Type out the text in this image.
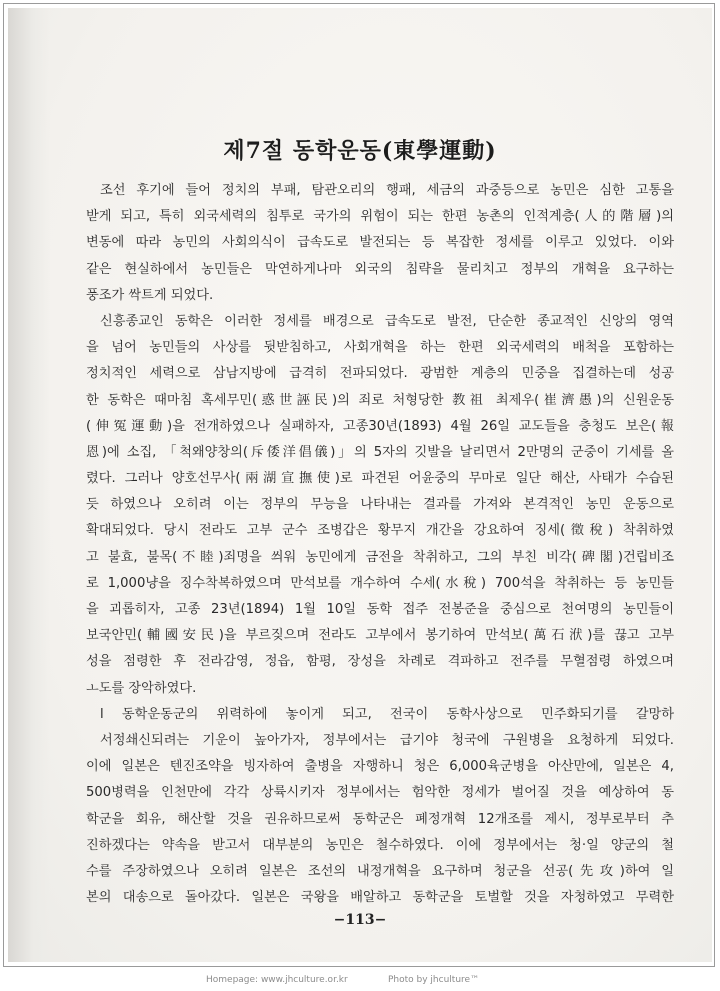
제7절 동학운동(東學運動)
조선 후기에 들어 정치의 부패, 탐관오리의 행패, 세금의 과중등으로 농민은 심한 고통을
받게 되고, 특히 외국세력의 침투로 국가의 위험이 되는 한편 농촌의 인적계층(人的階層)의
변동에 따라 농민의 사회의식이 급속도로 발전되는 등 복잡한 정세를 이루고 있었다. 이와
같은 현실하에서 농민들은 막연하게나마 외국의 침략을 물리치고 정부의 개혁을 요구하는
풍조가 싹트게 되었다.
신흥종교인 동학은 이러한 정세를 배경으로 급속도로 발전, 단순한 종교적인 신앙의 영역
을 넘어 농민들의 사상를 뒷받침하고, 사회개혁을 하는 한편 외국세력의 배척을 포함하는
정치적인 세력으로 삼남지방에 급격히 전파되었다. 광범한 계층의 민중을 집결하는데 성공
한 동학은 때마침 혹세무민(惑世誣民)의 죄로 처형당한 教祖 최제우(崔濟愚)의 신원운동
(伸冤運動)을 전개하였으나 실패하자, 고종30년(1893) 4월 26일 교도들을 충청도 보은(報
恩)에 소집, 「척왜양창의(斥倭洋倡儀)」의 5자의 깃발을 날리면서 2만명의 군중이 기세를 올
렸다. 그러나 양호선무사(兩湖宣撫使)로 파견된 어윤중의 무마로 일단 해산, 사태가 수습된
듯 하였으나 오히려 이는 정부의 무능을 나타내는 결과를 가져와 본격적인 농민 운동으로
확대되었다. 당시 전라도 고부 군수 조병갑은 황무지 개간을 강요하여 징세(徵稅) 착취하였
고 불효, 불목(不睦)죄명을 씌워 농민에게 금전을 착취하고, 그의 부친 비각(碑閣)건립비조
로 1,000냥을 징수착복하였으며 만석보를 개수하여 수세(水稅) 700석을 착취하는 등 농민들
을 괴롭히자, 고종 23년(1894) 1월 10일 동학 접주 전봉준을 중심으로 천여명의 농민들이
보국안민(輔國安民)을 부르짖으며 전라도 고부에서 봉기하여 만석보(萬石洑)를 끊고 고부
성을 점령한 후 전라감영, 정읍, 함평, 장성을 차례로 격파하고 전주를 무혈점령 하였으며
ㅗ도를 장악하였다.
l 동학운동군의 위력하에 놓이게 되고, 전국이 동학사상으로 민주화되기를 갈망하
서정쇄신되려는 기운이 높아가자, 정부에서는 급기야 청국에 구원병을 요청하게 되었다.
이에 일본은 텐진조약을 빙자하여 출병을 자행하니 청은 6,000육군병을 아산만에, 일본은 4,
500병력을 인천만에 각각 상륙시키자 정부에서는 험악한 정세가 벌어질 것을 예상하여 동
학군을 회유, 해산할 것을 권유하므로써 동학군은 폐정개혁 12개조를 제시, 정부로부터 추
진하겠다는 약속을 받고서 대부분의 농민은 철수하였다. 이에 정부에서는 청·일 양군의 철
수를 주장하였으나 오히려 일본은 조선의 내정개혁을 요구하며 청군을 선공(先攻)하여 일
본의 대송으로 돌아갔다. 일본은 국왕을 배알하고 동학군을 토벌할 것을 자청하였고 무력한
−113−
Homepage: www.jhculture.or.kr	Photo by jhculture™
